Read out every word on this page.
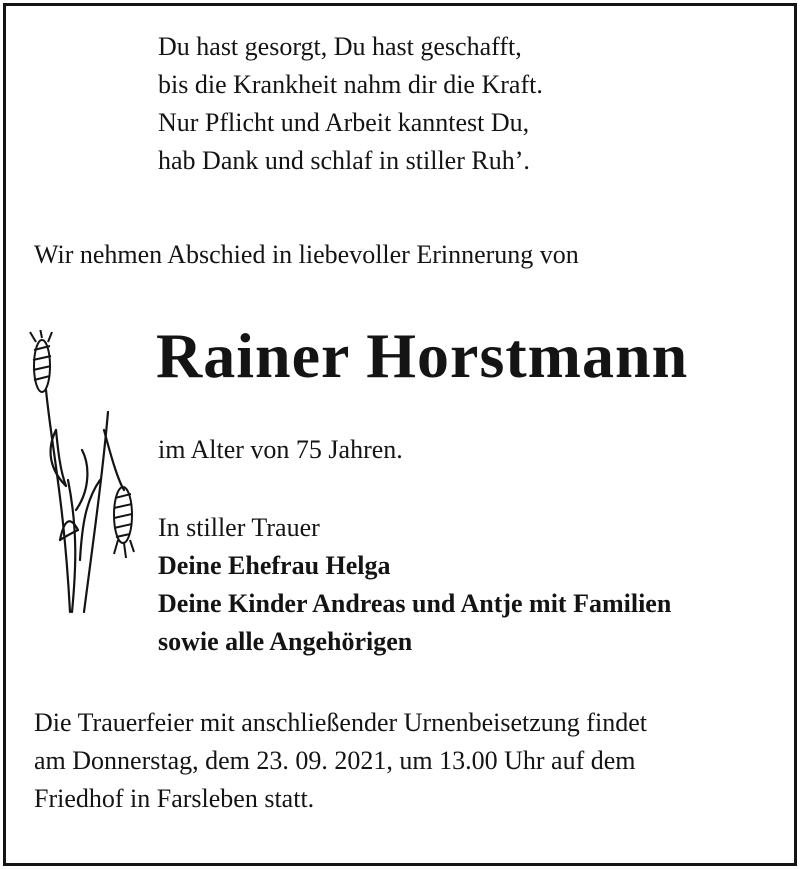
Du hast gesorgt, Du hast geschafft,
bis die Krankheit nahm dir die Kraft.
Nur Pflicht und Arbeit kanntest Du,
hab Dank und schlaf in stiller Ruh’.
Wir nehmen Abschied in liebevoller Erinnerung von
Rainer Horstmann
im Alter von 75 Jahren.
In stiller Trauer
Deine Ehefrau Helga
Deine Kinder Andreas und Antje mit Familien
sowie alle Angehörigen
Die Trauerfeier mit anschließender Urnenbeisetzung findet
am Donnerstag, dem 23. 09. 2021, um 13.00 Uhr auf dem
Friedhof in Farsleben statt.
